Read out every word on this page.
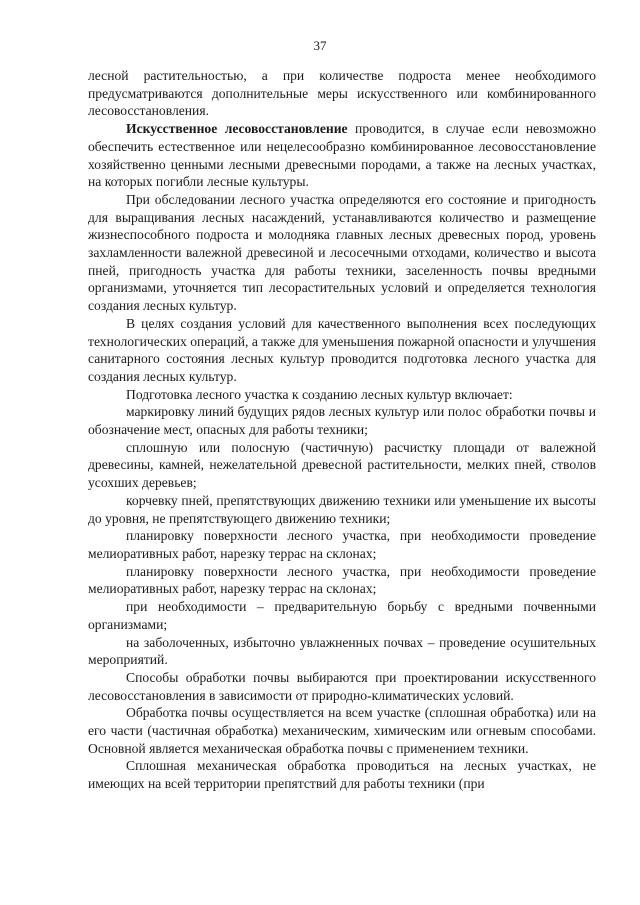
37

лесной растительностью, а при количестве подроста менее необходимого предусматриваются дополнительные меры искусственного или комбинированного лесовосстановления.

Искусственное лесовосстановление проводится, в случае если невозможно обеспечить естественное или нецелесообразно комбинированное лесовосстановление хозяйственно ценными лесными древесными породами, а также на лесных участках, на которых погибли лесные культуры.

При обследовании лесного участка определяются его состояние и пригодность для выращивания лесных насаждений, устанавливаются количество и размещение жизнеспособного подроста и молодняка главных лесных древесных пород, уровень захламленности валежной древесиной и лесосечными отходами, количество и высота пней, пригодность участка для работы техники, заселенность почвы вредными организмами, уточняется тип лесорастительных условий и определяется технология создания лесных культур.

В целях создания условий для качественного выполнения всех последующих технологических операций, а также для уменьшения пожарной опасности и улучшения санитарного состояния лесных культур проводится подготовка лесного участка для создания лесных культур.

Подготовка лесного участка к созданию лесных культур включает:

маркировку линий будущих рядов лесных культур или полос обработки почвы и обозначение мест, опасных для работы техники;

сплошную или полосную (частичную) расчистку площади от валежной древесины, камней, нежелательной древесной растительности, мелких пней, стволов усохших деревьев;

корчевку пней, препятствующих движению техники или уменьшение их высоты до уровня, не препятствующего движению техники;

планировку поверхности лесного участка, при необходимости проведение мелиоративных работ, нарезку террас на склонах;

планировку поверхности лесного участка, при необходимости проведение мелиоративных работ, нарезку террас на склонах;

при необходимости – предварительную борьбу с вредными почвенными организмами;

на заболоченных, избыточно увлажненных почвах – проведение осушительных мероприятий.

Способы обработки почвы выбираются при проектировании искусственного лесовосстановления в зависимости от природно-климатических условий.

Обработка почвы осуществляется на всем участке (сплошная обработка) или на его части (частичная обработка) механическим, химическим или огневым способами. Основной является механическая обработка почвы с применением техники.

Сплошная механическая обработка проводиться на лесных участках, не имеющих на всей территории препятствий для работы техники (при
